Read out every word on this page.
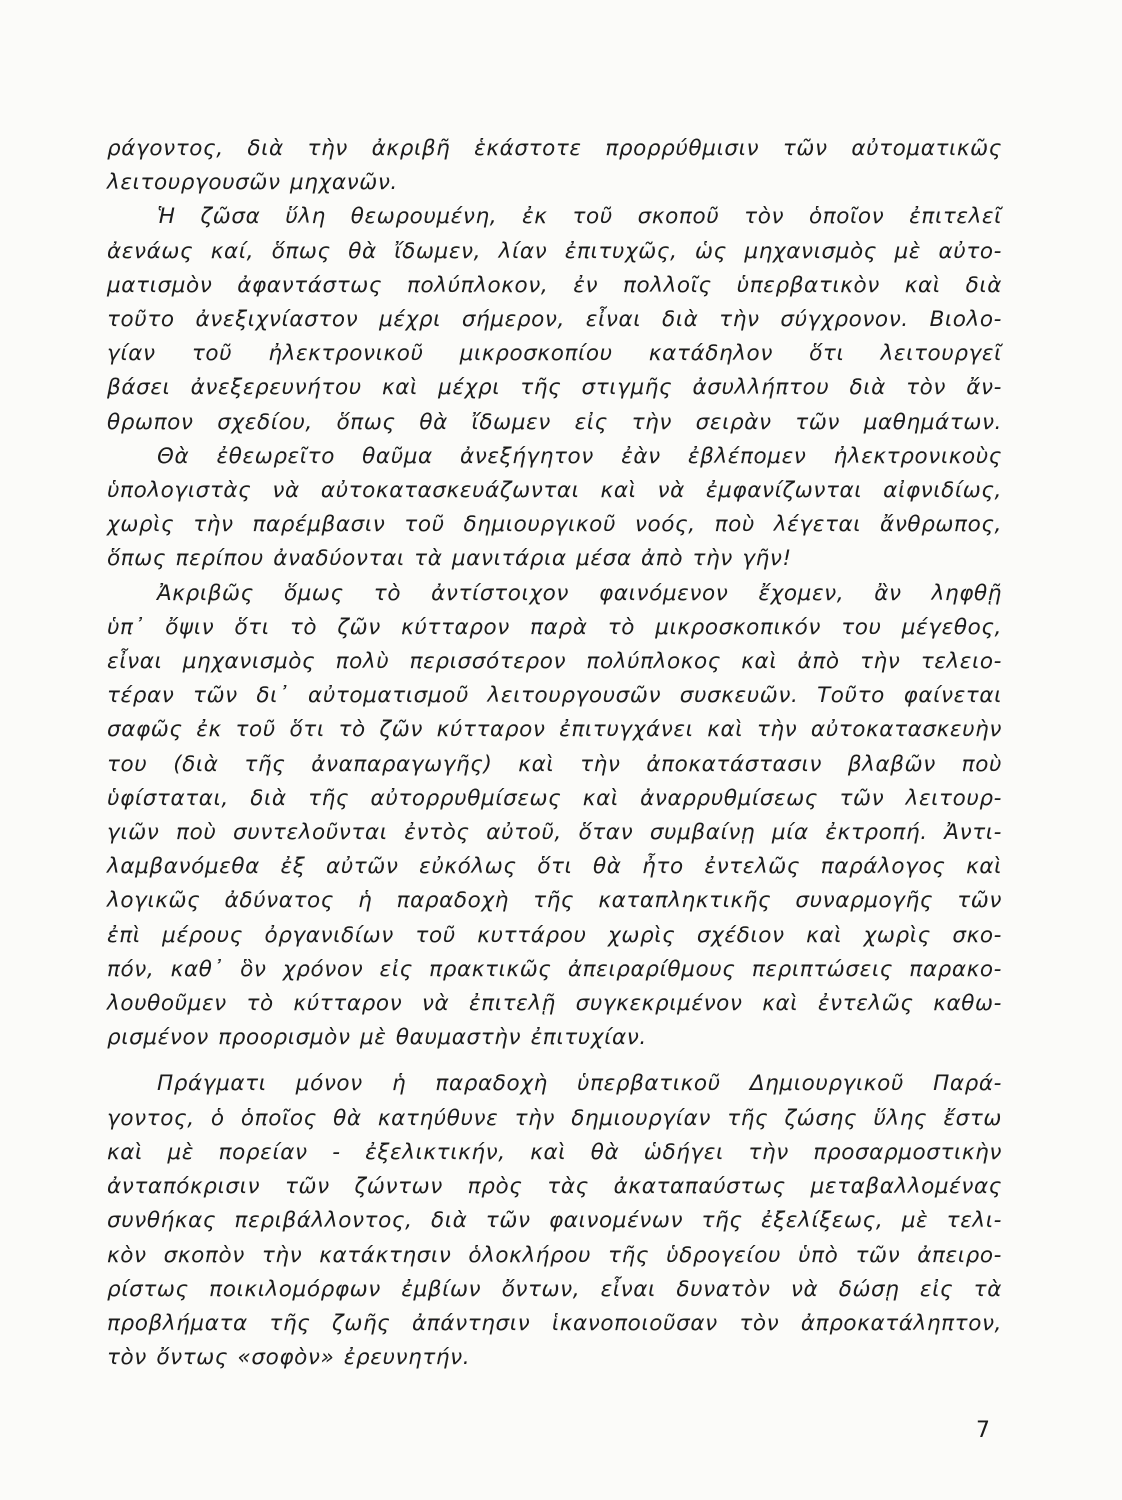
ράγοντος, διὰ τὴν ἀκριβῆ ἑκάστοτε προρρύθμισιν τῶν αὐτοματικῶς
λειτουργουσῶν μηχανῶν.
Ἡ ζῶσα ὕλη θεωρουμένη, ἐκ τοῦ σκοποῦ τὸν ὁποῖον ἐπιτελεῖ
ἀενάως καί, ὅπως θὰ ἴδωμεν, λίαν ἐπιτυχῶς, ὡς μηχανισμὸς μὲ αὐτο-
ματισμὸν ἀφαντάστως πολύπλοκον, ἐν πολλοῖς ὑπερβατικὸν καὶ διὰ
τοῦτο ἀνεξιχνίαστον μέχρι σήμερον, εἶναι διὰ τὴν σύγχρονον. Βιολο-
γίαν τοῦ ἠλεκτρονικοῦ μικροσκοπίου κατάδηλον ὅτι λειτουργεῖ
βάσει ἀνεξερευνήτου καὶ μέχρι τῆς στιγμῆς ἀσυλλήπτου διὰ τὸν ἄν-
θρωπον σχεδίου, ὅπως θὰ ἴδωμεν εἰς τὴν σειρὰν τῶν μαθημάτων.
Θὰ ἐθεωρεῖτο θαῦμα ἀνεξήγητον ἐὰν ἐβλέπομεν ἠλεκτρονικοὺς
ὑπολογιστὰς νὰ αὐτοκατασκευάζωνται καὶ νὰ ἐμφανίζωνται αἰφνιδίως,
χωρὶς τὴν παρέμβασιν τοῦ δημιουργικοῦ νοός, ποὺ λέγεται ἄνθρωπος,
ὅπως περίπου ἀναδύονται τὰ μανιτάρια μέσα ἀπὸ τὴν γῆν!
Ἀκριβῶς ὅμως τὸ ἀντίστοιχον φαινόμενον ἔχομεν, ἂν ληφθῇ
ὑπ᾿ ὄψιν ὅτι τὸ ζῶν κύτταρον παρὰ τὸ μικροσκοπικόν του μέγεθος,
εἶναι μηχανισμὸς πολὺ περισσότερον πολύπλοκος καὶ ἀπὸ τὴν τελειο-
τέραν τῶν δι᾿ αὐτοματισμοῦ λειτουργουσῶν συσκευῶν. Τοῦτο φαίνεται
σαφῶς ἐκ τοῦ ὅτι τὸ ζῶν κύτταρον ἐπιτυγχάνει καὶ τὴν αὐτοκατασκευὴν
του (διὰ τῆς ἀναπαραγωγῆς) καὶ τὴν ἀποκατάστασιν βλαβῶν ποὺ
ὑφίσταται, διὰ τῆς αὐτορρυθμίσεως καὶ ἀναρρυθμίσεως τῶν λειτουρ-
γιῶν ποὺ συντελοῦνται ἐντὸς αὐτοῦ, ὅταν συμβαίνῃ μία ἐκτροπή. Ἀντι-
λαμβανόμεθα ἐξ αὐτῶν εὐκόλως ὅτι θὰ ἦτο ἐντελῶς παράλογος καὶ
λογικῶς ἀδύνατος ἡ παραδοχὴ τῆς καταπληκτικῆς συναρμογῆς τῶν
ἐπὶ μέρους ὀργανιδίων τοῦ κυττάρου χωρὶς σχέδιον καὶ χωρὶς σκο-
πόν, καθ᾿ ὃν χρόνον εἰς πρακτικῶς ἀπειραρίθμους περιπτώσεις παρακο-
λουθοῦμεν τὸ κύτταρον νὰ ἐπιτελῇ συγκεκριμένον καὶ ἐντελῶς καθω-
ρισμένον προορισμὸν μὲ θαυμαστὴν ἐπιτυχίαν.
Πράγματι μόνον ἡ παραδοχὴ ὑπερβατικοῦ Δημιουργικοῦ Παρά-
γοντος, ὁ ὁποῖος θὰ κατηύθυνε τὴν δημιουργίαν τῆς ζώσης ὕλης ἔστω
καὶ μὲ πορείαν - ἐξελικτικήν, καὶ θὰ ὡδήγει τὴν προσαρμοστικὴν
ἀνταπόκρισιν τῶν ζώντων πρὸς τὰς ἀκαταπαύστως μεταβαλλομένας
συνθήκας περιβάλλοντος, διὰ τῶν φαινομένων τῆς ἐξελίξεως, μὲ τελι-
κὸν σκοπὸν τὴν κατάκτησιν ὁλοκλήρου τῆς ὑδρογείου ὑπὸ τῶν ἀπειρο-
ρίστως ποικιλομόρφων ἐμβίων ὄντων, εἶναι δυνατὸν νὰ δώσῃ εἰς τὰ
προβλήματα τῆς ζωῆς ἀπάντησιν ἱκανοποιοῦσαν τὸν ἀπροκατάληπτον,
τὸν ὄντως «σοφὸν» ἐρευνητήν.
7
